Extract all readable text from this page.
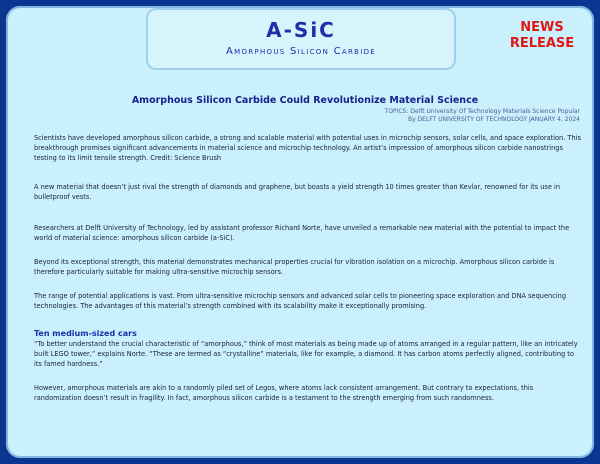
A-SiC
Amorphous Silicon Carbide
NEWS
RELEASE
Amorphous Silicon Carbide Could Revolutionize Material Science
TOPICS: Delft University Of Technology Materials Science Popular
By DELFT UNIVERSITY OF TECHNOLOGY JANUARY 4, 2024
Scientists have developed amorphous silicon carbide, a strong and scalable material with potential uses in microchip sensors, solar cells, and space exploration. This breakthrough promises significant advancements in material science and microchip technology. An artist’s impression of amorphous silicon carbide nanostrings testing to its limit tensile strength. Credit: Science Brush
A new material that doesn’t just rival the strength of diamonds and graphene, but boasts a yield strength 10 times greater than Kevlar, renowned for its use in bulletproof vests.
Researchers at Delft University of Technology, led by assistant professor Richard Norte, have unveiled a remarkable new material with the potential to impact the world of material science: amorphous silicon carbide (a-SiC).
Beyond its exceptional strength, this material demonstrates mechanical properties crucial for vibration isolation on a microchip. Amorphous silicon carbide is therefore particularly suitable for making ultra-sensitive microchip sensors.
The range of potential applications is vast. From ultra-sensitive microchip sensors and advanced solar cells to pioneering space exploration and DNA sequencing technologies. The advantages of this material’s strength combined with its scalability make it exceptionally promising.
Ten medium-sized cars
“To better understand the crucial characteristic of “amorphous,” think of most materials as being made up of atoms arranged in a regular pattern, like an intricately built LEGO tower,” explains Norte. “These are termed as “crystalline” materials, like for example, a diamond. It has carbon atoms perfectly aligned, contributing to its famed hardness.”
However, amorphous materials are akin to a randomly piled set of Legos, where atoms lack consistent arrangement. But contrary to expectations, this randomization doesn’t result in fragility. In fact, amorphous silicon carbide is a testament to the strength emerging from such randomness.
